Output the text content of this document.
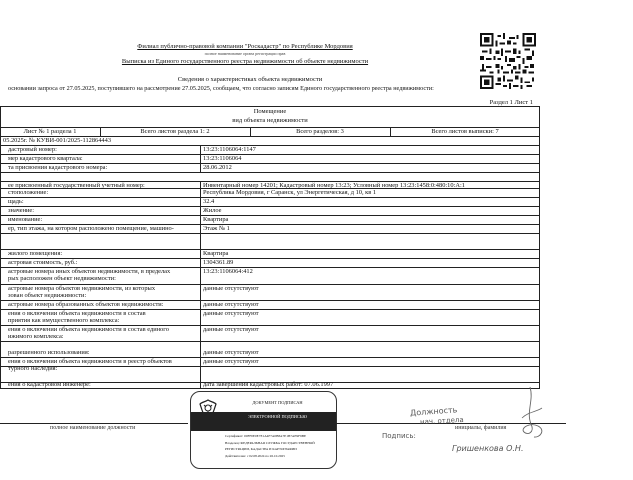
Филиал публично-правовой компании "Роскадастр" по Республике Мордовия
полное наименование органа регистрации прав
Выписка из Единого государственного реестра недвижимости об объекте недвижимости
Сведения о характеристиках объекта недвижимости
основании запроса от 27.05.2025, поступившего на рассмотрение 27.05.2025, сообщаем, что согласно записям Единого государственного реестра недвижимости:
Раздел 1 Лист 1
Помещение
вид объекта недвижимости
Лист № 1 раздела 1	Всего листов раздела 1: 2	Всего разделов: 3	Всего листов выписки: 7
05.2025г. № КУВИ-001/2025-112864443
дастровый номер:	13:23:1106064:1147
мер кадастрового квартала:	13:23:1106064
та присвоения кадастрового номера:	28.06.2012
ее присвоенный государственный учетный номер:	Инвентарный номер 14201; Кадастровый номер 13:23; Условный номер 13:23:1458:0:480:10:А:1
стоположение:	Республика Мордовия, г Саранск, ул Энергетическая, д 10, кв 1
щадь:	32.4
значение:	Жилое
именование:	Квартира
ер, тип этажа, на котором расположено помещение, машино-	Этаж № 1
жилого помещения:	Квартира
астровая стоимость, руб.:	1304361.89
астровые номера иных объектов недвижимости, в пределах	13:23:1106064:412
рых расположен объект недвижимости:
астровые номера объектов недвижимости, из которых	данные отсутствуют
зован объект недвижимости:
астровые номера образованных объектов недвижимости:	данные отсутствуют
ения о включении объекта недвижимости в состав	данные отсутствуют
приятия как имущественного комплекса:
ения о включении объекта недвижимости в состав единого	данные отсутствуют
ижимого комплекса:
разрешенного использования:	данные отсутствуют
ения о включении объекта недвижимости в реестр объектов	данные отсутствуют
турного наследия:
ения о кадастровом инженере:	дата завершения кадастровых работ: 07.06.1997
ДОКУМЕНТ ПОДПИСАН
ЭЛЕКТРОННОЙ ПОДПИСЬЮ
Сертификат: 00FF0E0E7E1A4F7A0B8A7E1B7AE9F9BE
Владелец: ФЕДЕРАЛЬНАЯ СЛУЖБА ГОСУДАРСТВЕННОЙ
РЕГИСТРАЦИИ, КАДАСТРА И КАРТОГРАФИИ
Действителен: с 02.08.2024 по 26.10.2025
полное наименование должности	инициалы, фамилия
Должность
нач. отдела
Подпись:
Гришенкова О.Н.
